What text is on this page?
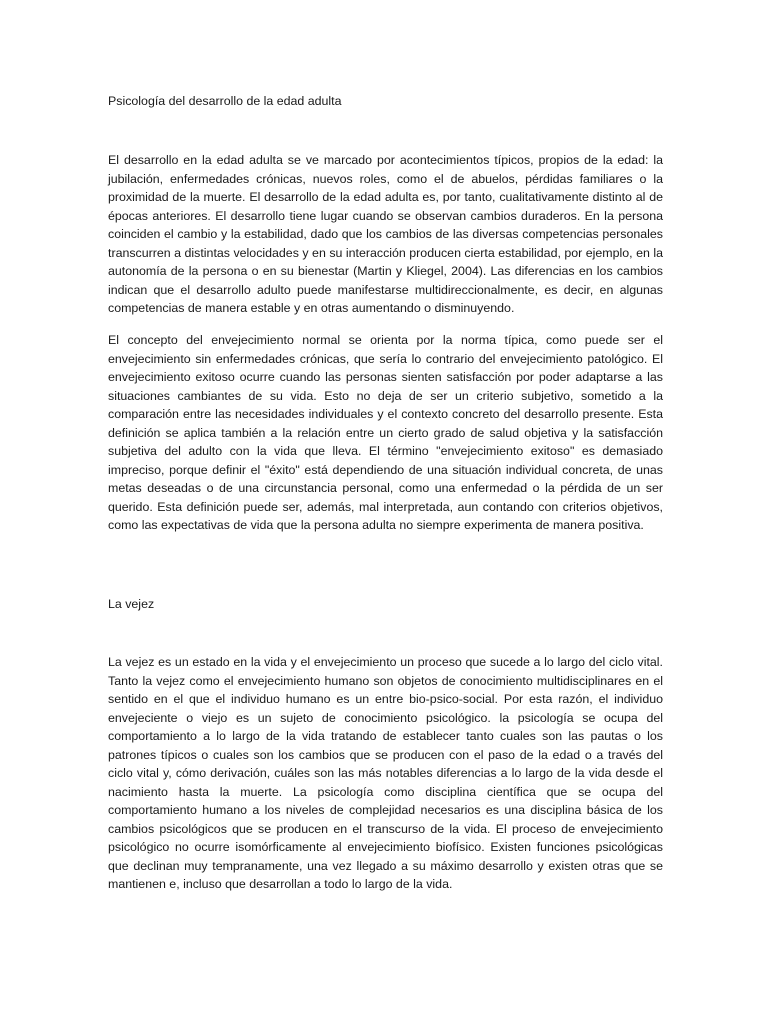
Psicología del desarrollo de la edad adulta

El desarrollo en la edad adulta se ve marcado por acontecimientos típicos, propios de la edad: la jubilación, enfermedades crónicas, nuevos roles, como el de abuelos, pérdidas familiares o la proximidad de la muerte. El desarrollo de la edad adulta es, por tanto, cualitativamente distinto al de épocas anteriores. El desarrollo tiene lugar cuando se observan cambios duraderos. En la persona coinciden el cambio y la estabilidad, dado que los cambios de las diversas competencias personales transcurren a distintas velocidades y en su interacción producen cierta estabilidad, por ejemplo, en la autonomía de la persona o en su bienestar (Martin y Kliegel, 2004). Las diferencias en los cambios indican que el desarrollo adulto puede manifestarse multidireccionalmente, es decir, en algunas competencias de manera estable y en otras aumentando o disminuyendo.

El concepto del envejecimiento normal se orienta por la norma típica, como puede ser el envejecimiento sin enfermedades crónicas, que sería lo contrario del envejecimiento patológico. El envejecimiento exitoso ocurre cuando las personas sienten satisfacción por poder adaptarse a las situaciones cambiantes de su vida. Esto no deja de ser un criterio subjetivo, sometido a la comparación entre las necesidades individuales y el contexto concreto del desarrollo presente. Esta definición se aplica también a la relación entre un cierto grado de salud objetiva y la satisfacción subjetiva del adulto con la vida que lleva. El término "envejecimiento exitoso" es demasiado impreciso, porque definir el "éxito" está dependiendo de una situación individual concreta, de unas metas deseadas o de una circunstancia personal, como una enfermedad o la pérdida de un ser querido. Esta definición puede ser, además, mal interpretada, aun contando con criterios objetivos, como las expectativas de vida que la persona adulta no siempre experimenta de manera positiva.

La vejez

La vejez es un estado en la vida y el envejecimiento un proceso que sucede a lo largo del ciclo vital. Tanto la vejez como el envejecimiento humano son objetos de conocimiento multidisciplinares en el sentido en el que el individuo humano es un entre bio-psico-social. Por esta razón, el individuo envejeciente o viejo es un sujeto de conocimiento psicológico. la psicología se ocupa del comportamiento a lo largo de la vida tratando de establecer tanto cuales son las pautas o los patrones típicos o cuales son los cambios que se producen con el paso de la edad o a través del ciclo vital y, cómo derivación, cuáles son las más notables diferencias a lo largo de la vida desde el nacimiento hasta la muerte. La psicología como disciplina científica que se ocupa del comportamiento humano a los niveles de complejidad necesarios es una disciplina básica de los cambios psicológicos que se producen en el transcurso de la vida. El proceso de envejecimiento psicológico no ocurre isomórficamente al envejecimiento biofísico. Existen funciones psicológicas que declinan muy tempranamente, una vez llegado a su máximo desarrollo y existen otras que se mantienen e, incluso que desarrollan a todo lo largo de la vida.
